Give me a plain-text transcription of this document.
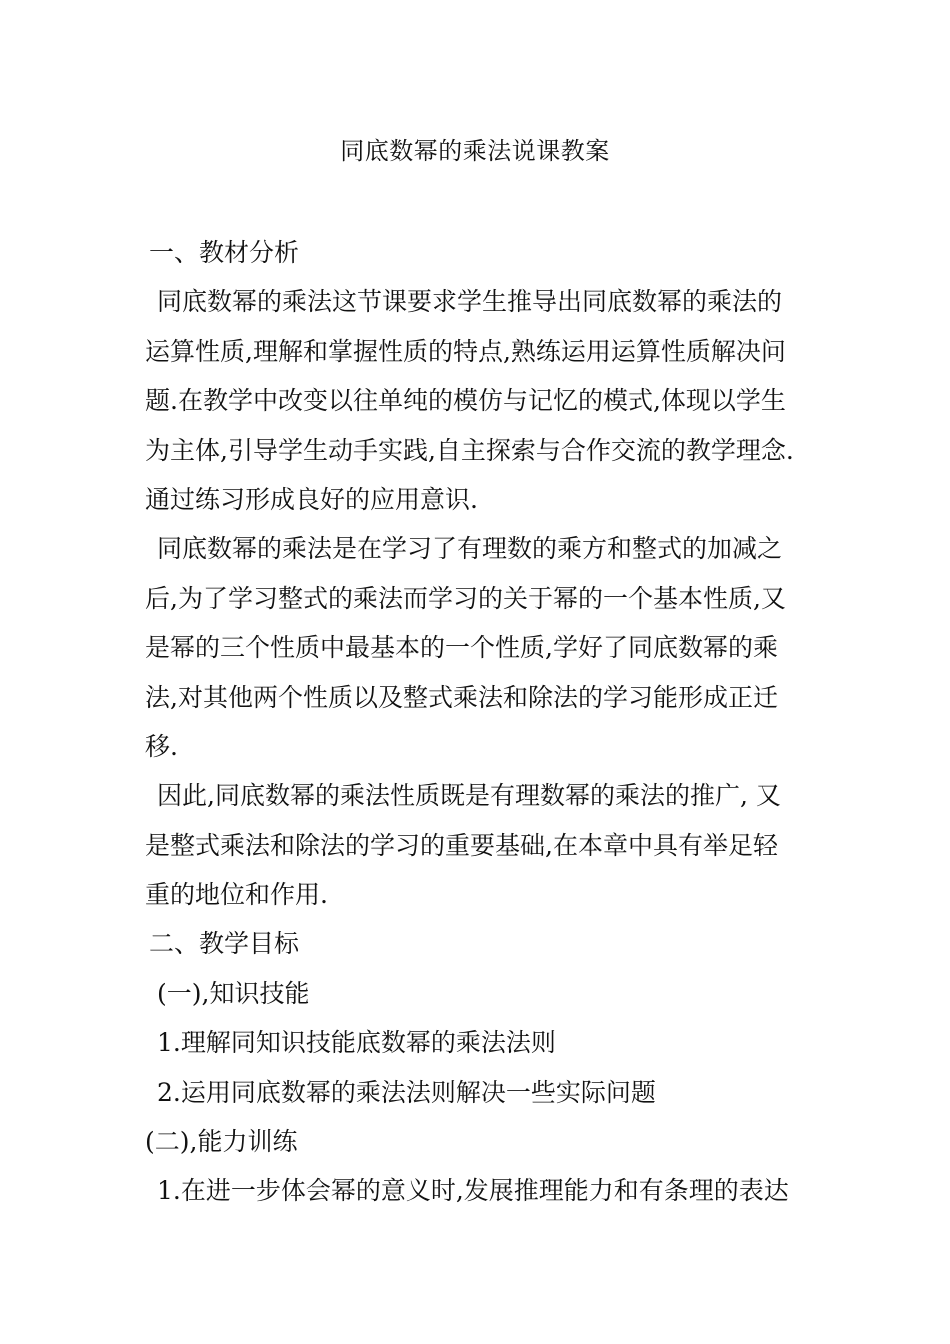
同底数幂的乘法说课教案
一、教材分析
同底数幂的乘法这节课要求学生推导出同底数幂的乘法的
运算性质,理解和掌握性质的特点,熟练运用运算性质解决问
题.在教学中改变以往单纯的模仿与记忆的模式,体现以学生
为主体,引导学生动手实践,自主探索与合作交流的教学理念.
通过练习形成良好的应用意识.
同底数幂的乘法是在学习了有理数的乘方和整式的加减之
后,为了学习整式的乘法而学习的关于幂的一个基本性质,又
是幂的三个性质中最基本的一个性质,学好了同底数幂的乘
法,对其他两个性质以及整式乘法和除法的学习能形成正迁
移.
因此,同底数幂的乘法性质既是有理数幂的乘法的推广, 又
是整式乘法和除法的学习的重要基础,在本章中具有举足轻
重的地位和作用.
二、教学目标
(一),知识技能
1.理解同知识技能底数幂的乘法法则
2.运用同底数幂的乘法法则解决一些实际问题
(二),能力训练
1.在进一步体会幂的意义时,发展推理能力和有条理的表达
